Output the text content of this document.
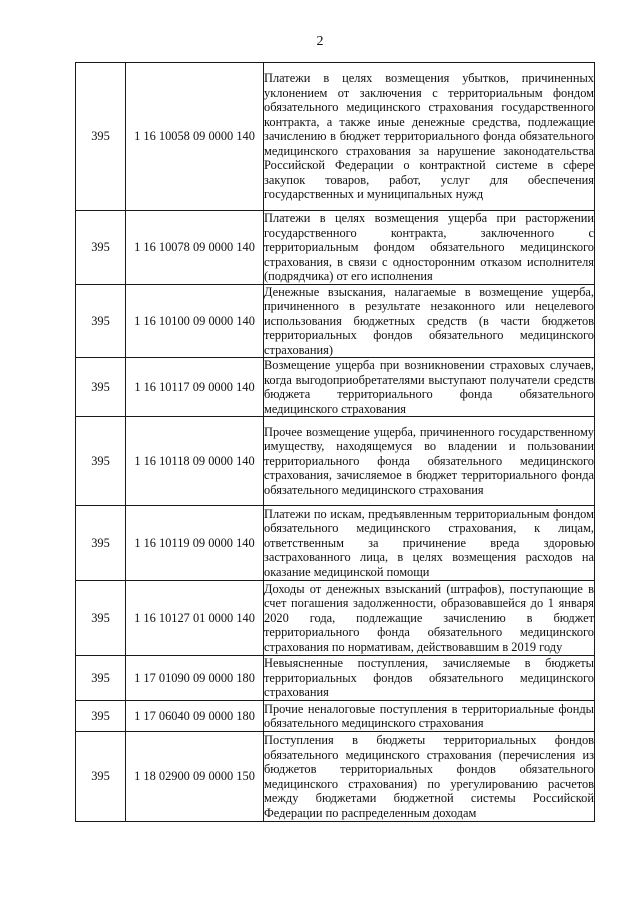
2
395	1 16 10058 09 0000 140	Платежи в целях возмещения убытков, причиненных уклонением от заключения с территориальным фондом обязательного медицинского страхования государственного контракта, а также иные денежные средства, подлежащие зачислению в бюджет территориального фонда обязательного медицинского страхования за нарушение законодательства Российской Федерации о контрактной системе в сфере закупок товаров, работ, услуг для обеспечения государственных и муниципальных нужд
395	1 16 10078 09 0000 140	Платежи в целях возмещения ущерба при расторжении государственного контракта, заключенного с территориальным фондом обязательного медицинского страхования, в связи с односторонним отказом исполнителя (подрядчика) от его исполнения
395	1 16 10100 09 0000 140	Денежные взыскания, налагаемые в возмещение ущерба, причиненного в результате незаконного или нецелевого использования бюджетных средств (в части бюджетов территориальных фондов обязательного медицинского страхования)
395	1 16 10117 09 0000 140	Возмещение ущерба при возникновении страховых случаев, когда выгодоприобретателями выступают получатели средств бюджета территориального фонда обязательного медицинского страхования
395	1 16 10118 09 0000 140	Прочее возмещение ущерба, причиненного государственному имуществу, находящемуся во владении и пользовании территориального фонда обязательного медицинского страхования, зачисляемое в бюджет территориального фонда обязательного медицинского страхования
395	1 16 10119 09 0000 140	Платежи по искам, предъявленным территориальным фондом обязательного медицинского страхования, к лицам, ответственным за причинение вреда здоровью застрахованного лица, в целях возмещения расходов на оказание медицинской помощи
395	1 16 10127 01 0000 140	Доходы от денежных взысканий (штрафов), поступающие в счет погашения задолженности, образовавшейся до 1 января 2020 года, подлежащие зачислению в бюджет территориального фонда обязательного медицинского страхования по нормативам, действовавшим в 2019 году
395	1 17 01090 09 0000 180	Невыясненные поступления, зачисляемые в бюджеты территориальных фондов обязательного медицинского страхования
395	1 17 06040 09 0000 180	Прочие неналоговые поступления в территориальные фонды обязательного медицинского страхования
395	1 18 02900 09 0000 150	Поступления в бюджеты территориальных фондов обязательного медицинского страхования (перечисления из бюджетов территориальных фондов обязательного медицинского страхования) по урегулированию расчетов между бюджетами бюджетной системы Российской Федерации по распределенным доходам
